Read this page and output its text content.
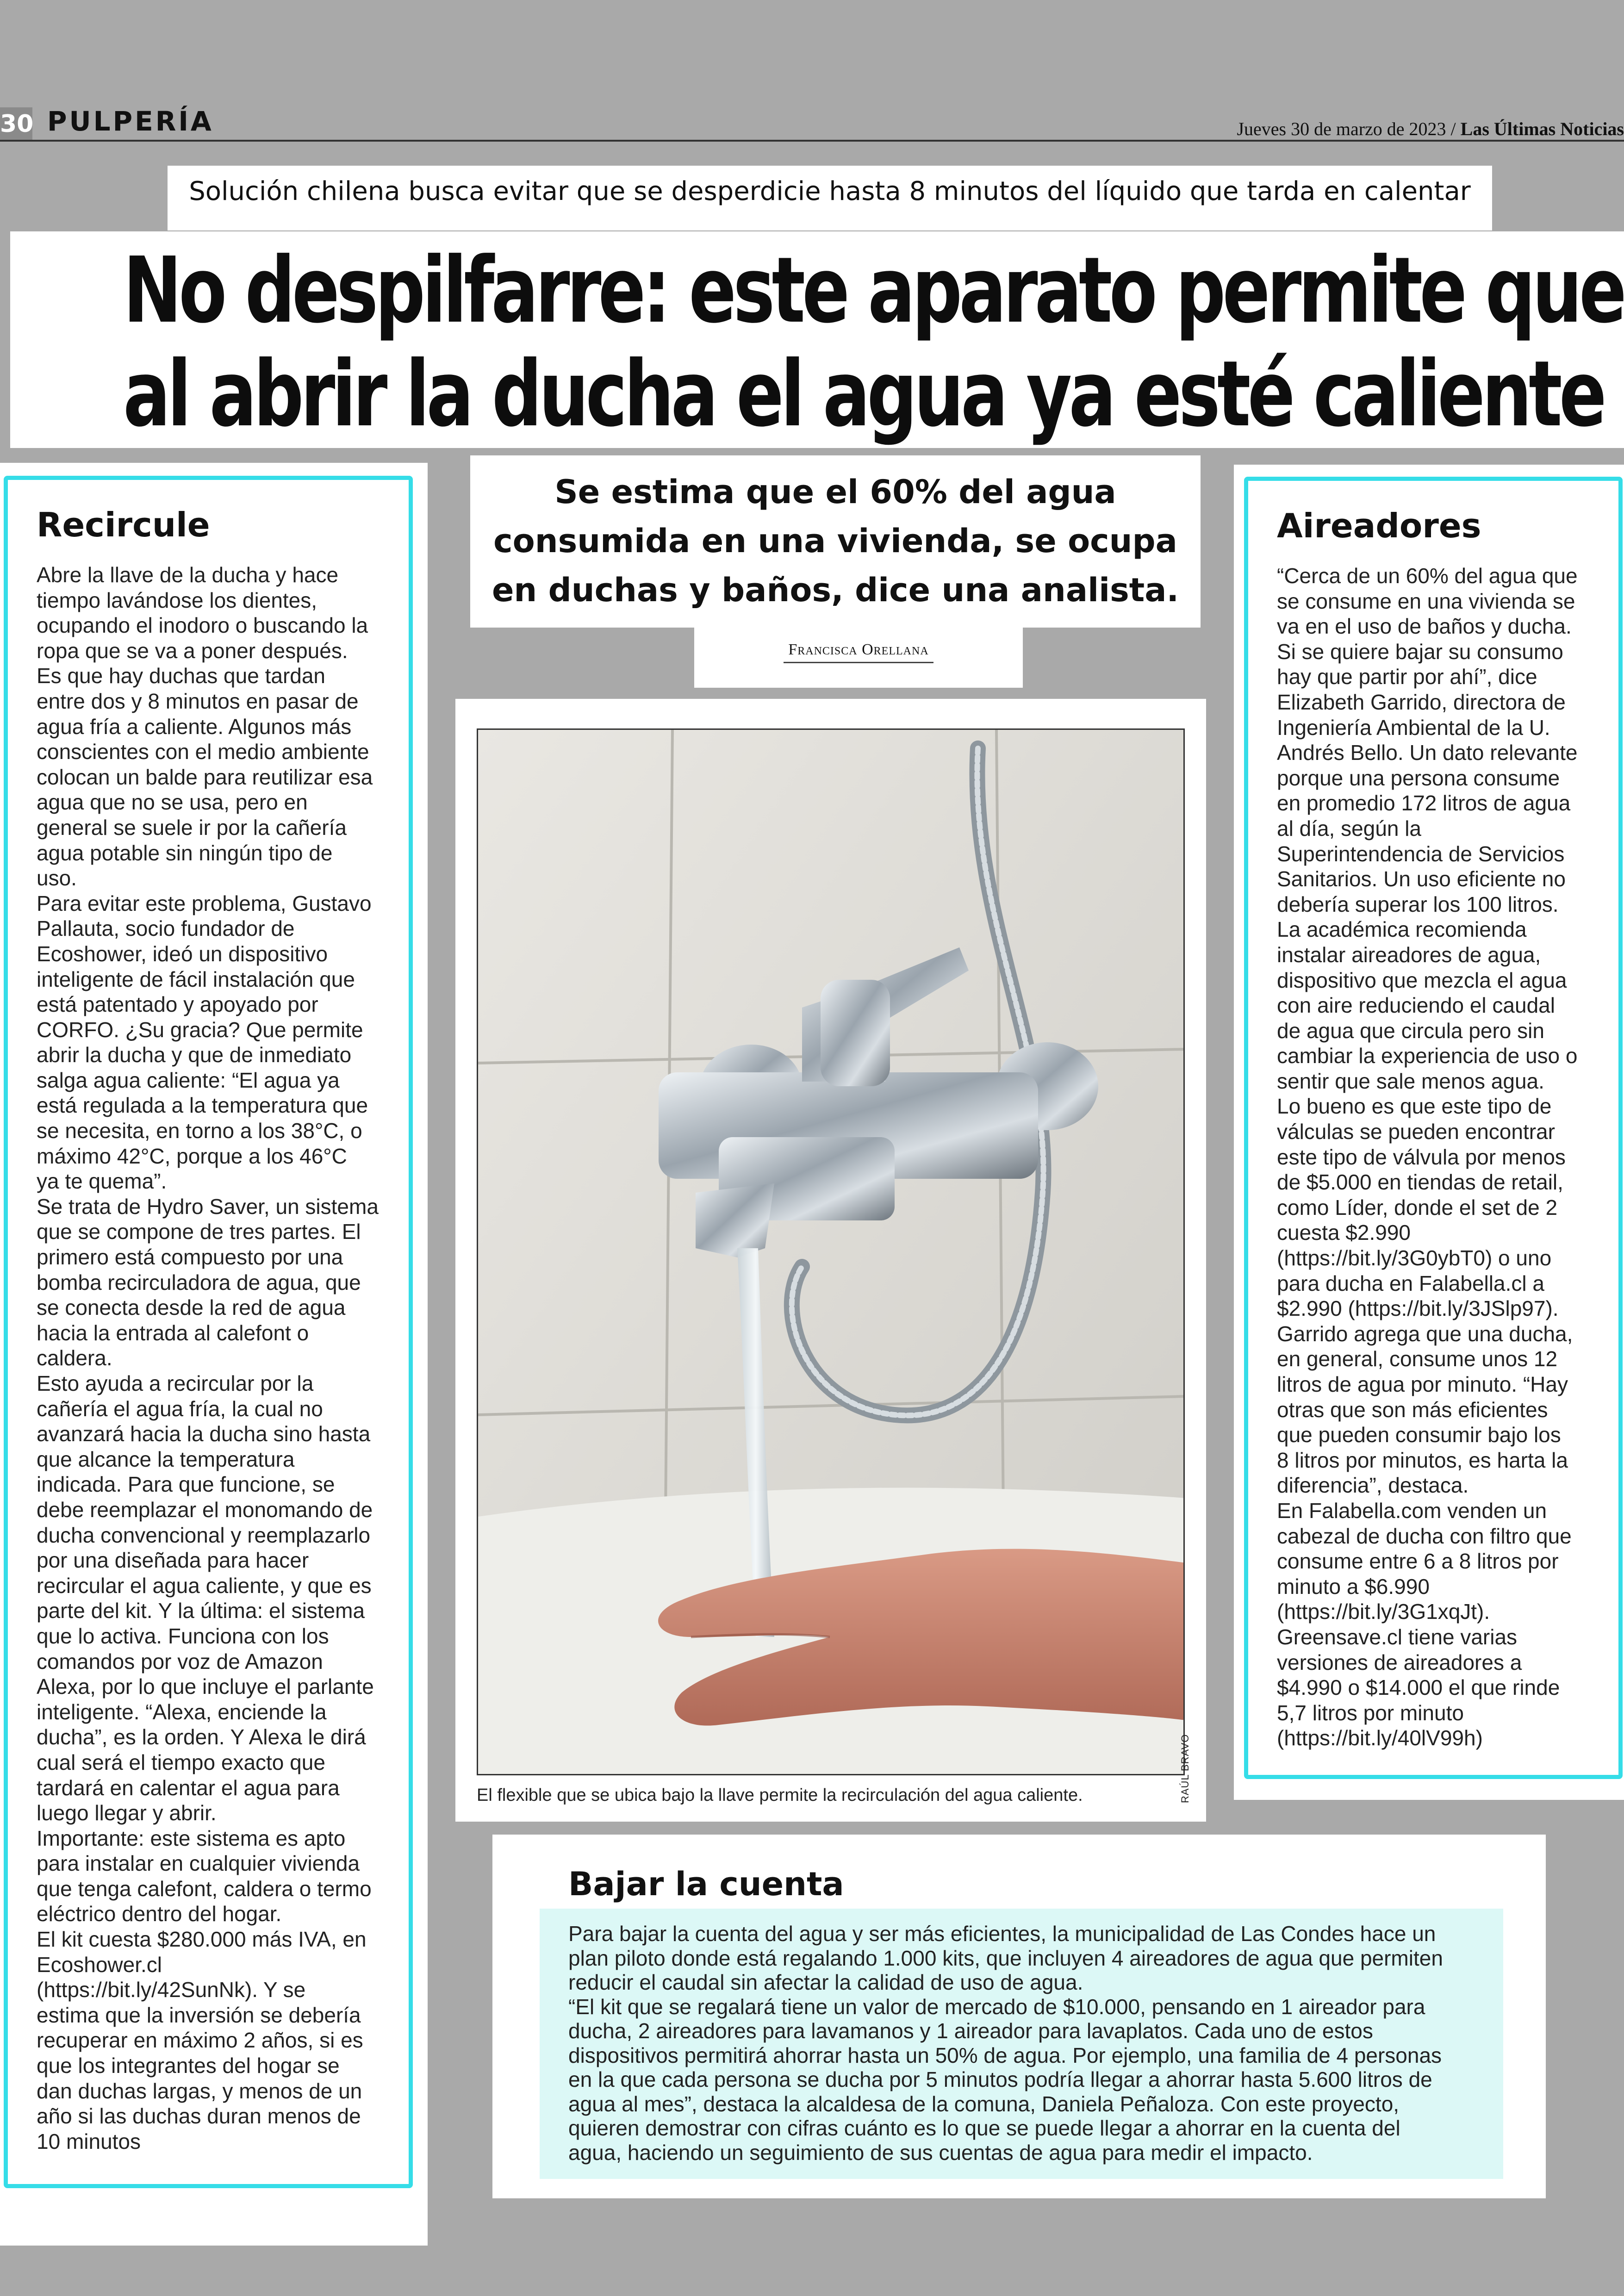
30 PULPERÍA	Jueves 30 de marzo de 2023 / Las Últimas Noticias
Solución chilena busca evitar que se desperdicie hasta 8 minutos del líquido que tarda en calentar
No despilfarre: este aparato permite que
al abrir la ducha el agua ya esté caliente
Recircule

Abre la llave de la ducha y hace
tiempo lavándose los dientes,
ocupando el inodoro o buscando la
ropa que se va a poner después.
Es que hay duchas que tardan
entre dos y 8 minutos en pasar de
agua fría a caliente. Algunos más
conscientes con el medio ambiente
colocan un balde para reutilizar esa
agua que no se usa, pero en
general se suele ir por la cañería
agua potable sin ningún tipo de
uso.
Para evitar este problema, Gustavo
Pallauta, socio fundador de
Ecoshower, ideó un dispositivo
inteligente de fácil instalación que
está patentado y apoyado por
CORFO. ¿Su gracia? Que permite
abrir la ducha y que de inmediato
salga agua caliente: “El agua ya
está regulada a la temperatura que
se necesita, en torno a los 38°C, o
máximo 42°C, porque a los 46°C
ya te quema”.
Se trata de Hydro Saver, un sistema
que se compone de tres partes. El
primero está compuesto por una
bomba recirculadora de agua, que
se conecta desde la red de agua
hacia la entrada al calefont o
caldera.
Esto ayuda a recircular por la
cañería el agua fría, la cual no
avanzará hacia la ducha sino hasta
que alcance la temperatura
indicada. Para que funcione, se
debe reemplazar el monomando de
ducha convencional y reemplazarlo
por una diseñada para hacer
recircular el agua caliente, y que es
parte del kit. Y la última: el sistema
que lo activa. Funciona con los
comandos por voz de Amazon
Alexa, por lo que incluye el parlante
inteligente. “Alexa, enciende la
ducha”, es la orden. Y Alexa le dirá
cual será el tiempo exacto que
tardará en calentar el agua para
luego llegar y abrir.
Importante: este sistema es apto
para instalar en cualquier vivienda
que tenga calefont, caldera o termo
eléctrico dentro del hogar.
El kit cuesta $280.000 más IVA, en
Ecoshower.cl
(https://bit.ly/42SunNk). Y se
estima que la inversión se debería
recuperar en máximo 2 años, si es
que los integrantes del hogar se
dan duchas largas, y menos de un
año si las duchas duran menos de
10 minutos

Se estima que el 60% del agua consumida en una vivienda, se ocupa en duchas y baños, dice una analista.
Francisca Orellana
RAÚL BRAVO
El flexible que se ubica bajo la llave permite la recirculación del agua caliente.
Aireadores

“Cerca de un 60% del agua que
se consume en una vivienda se
va en el uso de baños y ducha.
Si se quiere bajar su consumo
hay que partir por ahí”, dice
Elizabeth Garrido, directora de
Ingeniería Ambiental de la U.
Andrés Bello. Un dato relevante
porque una persona consume
en promedio 172 litros de agua
al día, según la
Superintendencia de Servicios
Sanitarios. Un uso eficiente no
debería superar los 100 litros.
La académica recomienda
instalar aireadores de agua,
dispositivo que mezcla el agua
con aire reduciendo el caudal
de agua que circula pero sin
cambiar la experiencia de uso o
sentir que sale menos agua.
Lo bueno es que este tipo de
válculas se pueden encontrar
este tipo de válvula por menos
de $5.000 en tiendas de retail,
como Líder, donde el set de 2
cuesta $2.990
(https://bit.ly/3G0ybT0) o uno
para ducha en Falabella.cl a
$2.990 (https://bit.ly/3JSlp97).
Garrido agrega que una ducha,
en general, consume unos 12
litros de agua por minuto. “Hay
otras que son más eficientes
que pueden consumir bajo los
8 litros por minutos, es harta la
diferencia”, destaca.
En Falabella.com venden un
cabezal de ducha con filtro que
consume entre 6 a 8 litros por
minuto a $6.990
(https://bit.ly/3G1xqJt).
Greensave.cl tiene varias
versiones de aireadores a
$4.990 o $14.000 el que rinde
5,7 litros por minuto
(https://bit.ly/40lV99h)

Bajar la cuenta

Para bajar la cuenta del agua y ser más eficientes, la municipalidad de Las Condes hace un
plan piloto donde está regalando 1.000 kits, que incluyen 4 aireadores de agua que permiten
reducir el caudal sin afectar la calidad de uso de agua.
“El kit que se regalará tiene un valor de mercado de $10.000, pensando en 1 aireador para
ducha, 2 aireadores para lavamanos y 1 aireador para lavaplatos. Cada uno de estos
dispositivos permitirá ahorrar hasta un 50% de agua. Por ejemplo, una familia de 4 personas
en la que cada persona se ducha por 5 minutos podría llegar a ahorrar hasta 5.600 litros de
agua al mes”, destaca la alcaldesa de la comuna, Daniela Peñaloza. Con este proyecto,
quieren demostrar con cifras cuánto es lo que se puede llegar a ahorrar en la cuenta del
agua, haciendo un seguimiento de sus cuentas de agua para medir el impacto.
